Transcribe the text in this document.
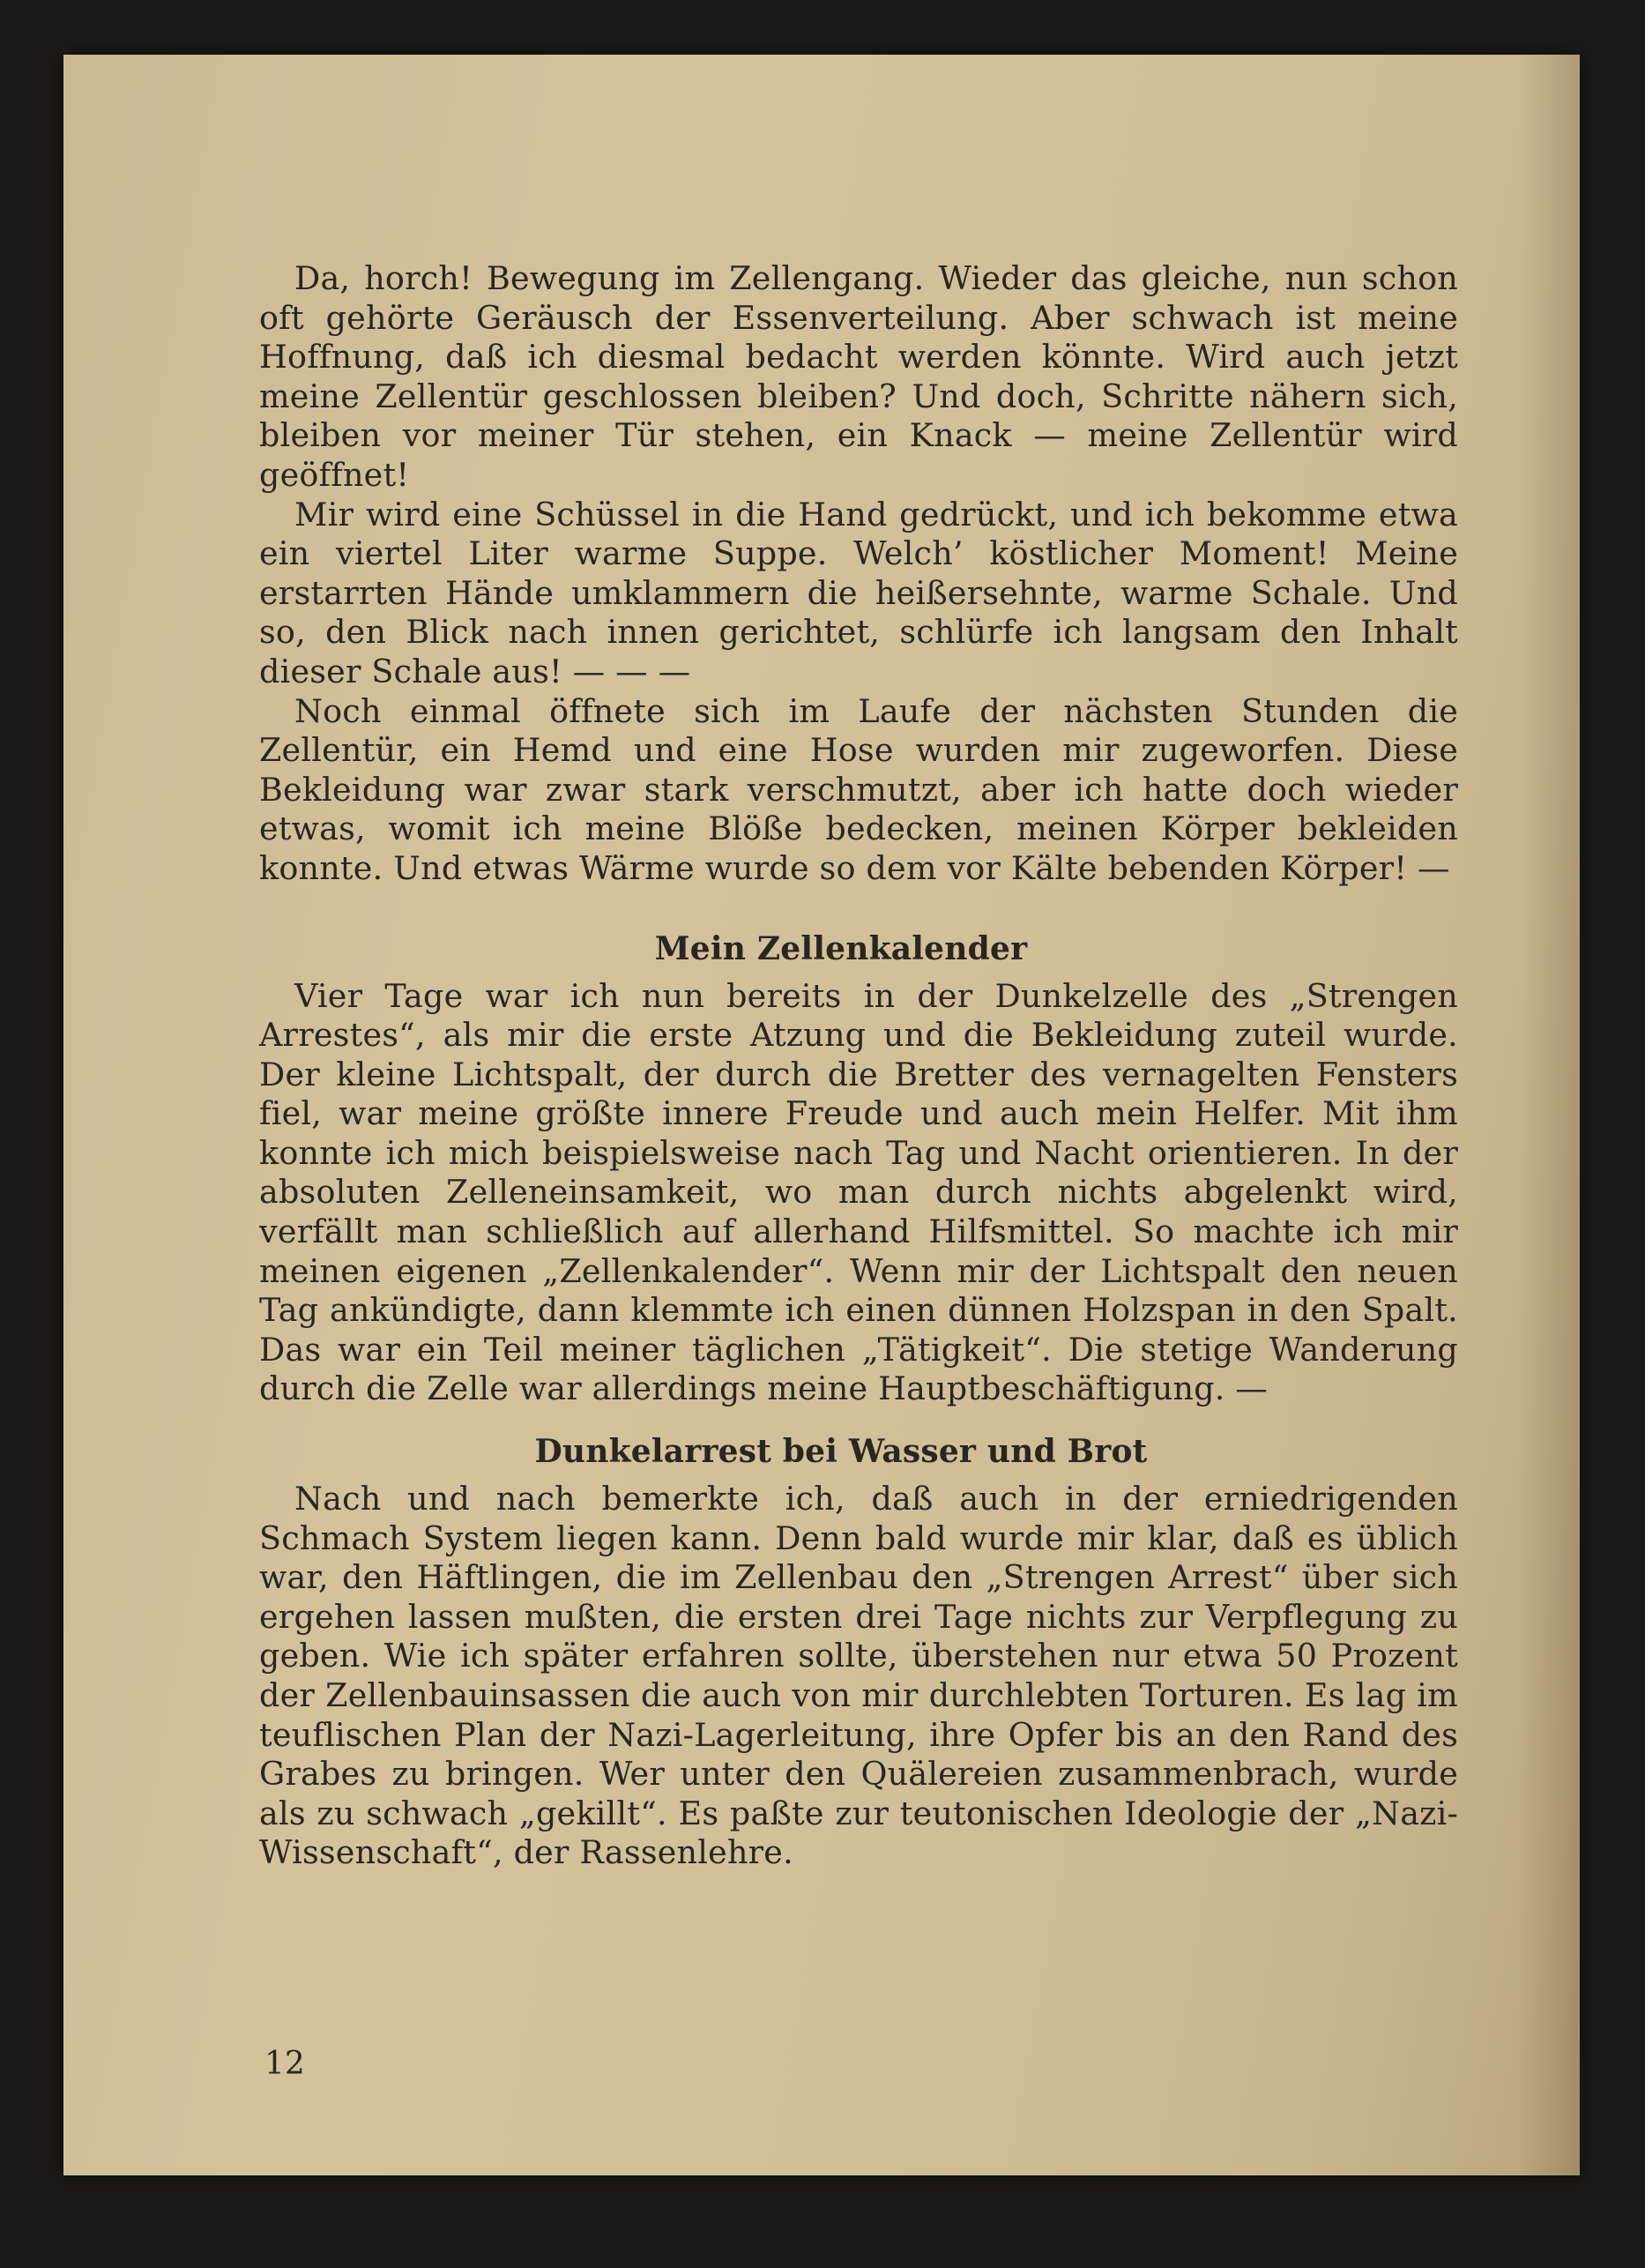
Da, horch! Bewegung im Zellengang. Wieder das gleiche, nun schon oft gehörte Geräusch der Essenverteilung. Aber schwach ist meine Hoffnung, daß ich diesmal bedacht werden könnte. Wird auch jetzt meine Zellentür geschlossen bleiben? Und doch, Schritte nähern sich, bleiben vor meiner Tür stehen, ein Knack — meine Zellentür wird geöffnet!

Mir wird eine Schüssel in die Hand gedrückt, und ich bekomme etwa ein viertel Liter warme Suppe. Welch’ köstlicher Moment! Meine erstarrten Hände umklammern die heißersehnte, warme Schale. Und so, den Blick nach innen gerichtet, schlürfe ich langsam den Inhalt dieser Schale aus! — — —

Noch einmal öffnete sich im Laufe der nächsten Stunden die Zellentür, ein Hemd und eine Hose wurden mir zugeworfen. Diese Bekleidung war zwar stark verschmutzt, aber ich hatte doch wieder etwas, womit ich meine Blöße bedecken, meinen Körper bekleiden konnte. Und etwas Wärme wurde so dem vor Kälte bebenden Körper! —

Mein Zellenkalender

Vier Tage war ich nun bereits in der Dunkelzelle des „Strengen Arrestes“, als mir die erste Atzung und die Bekleidung zuteil wurde. Der kleine Lichtspalt, der durch die Bretter des vernagelten Fensters fiel, war meine größte innere Freude und auch mein Helfer. Mit ihm konnte ich mich beispielsweise nach Tag und Nacht orientieren. In der absoluten Zelleneinsamkeit, wo man durch nichts abgelenkt wird, verfällt man schließlich auf allerhand Hilfsmittel. So machte ich mir meinen eigenen „Zellenkalender“. Wenn mir der Lichtspalt den neuen Tag ankündigte, dann klemmte ich einen dünnen Holzspan in den Spalt. Das war ein Teil meiner täglichen „Tätigkeit“. Die stetige Wanderung durch die Zelle war allerdings meine Hauptbeschäftigung. —

Dunkelarrest bei Wasser und Brot

Nach und nach bemerkte ich, daß auch in der erniedrigenden Schmach System liegen kann. Denn bald wurde mir klar, daß es üblich war, den Häftlingen, die im Zellenbau den „Strengen Arrest“ über sich ergehen lassen mußten, die ersten drei Tage nichts zur Verpflegung zu geben. Wie ich später erfahren sollte, überstehen nur etwa 50 Prozent der Zellenbauinsassen die auch von mir durchlebten Torturen. Es lag im teuflischen Plan der Nazi-Lagerleitung, ihre Opfer bis an den Rand des Grabes zu bringen. Wer unter den Quälereien zusammenbrach, wurde als zu schwach „gekillt“. Es paßte zur teutonischen Ideologie der „Nazi-Wissenschaft“, der Rassenlehre.

12
